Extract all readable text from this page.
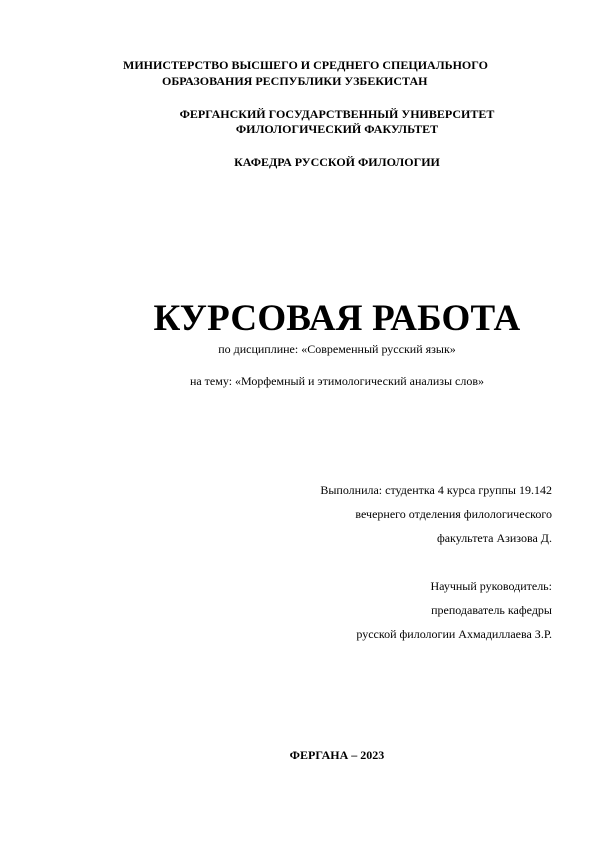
МИНИСТЕРСТВО ВЫСШЕГО И СРЕДНЕГО СПЕЦИАЛЬНОГО
ОБРАЗОВАНИЯ РЕСПУБЛИКИ УЗБЕКИСТАН
ФЕРГАНСКИЙ ГОСУДАРСТВЕННЫЙ УНИВЕРСИТЕТ
ФИЛОЛОГИЧЕСКИЙ ФАКУЛЬТЕТ
КАФЕДРА РУССКОЙ ФИЛОЛОГИИ
КУРСОВАЯ РАБОТА
по дисциплине: «Современный русский язык»
на тему: «Морфемный и этимологический анализы слов»
Выполнила: студентка 4 курса группы 19.142
вечернего отделения филологического
факультета Азизова Д.
Научный руководитель:
преподаватель кафедры
русской филологии Ахмадиллаева З.Р.
ФЕРГАНА – 2023
